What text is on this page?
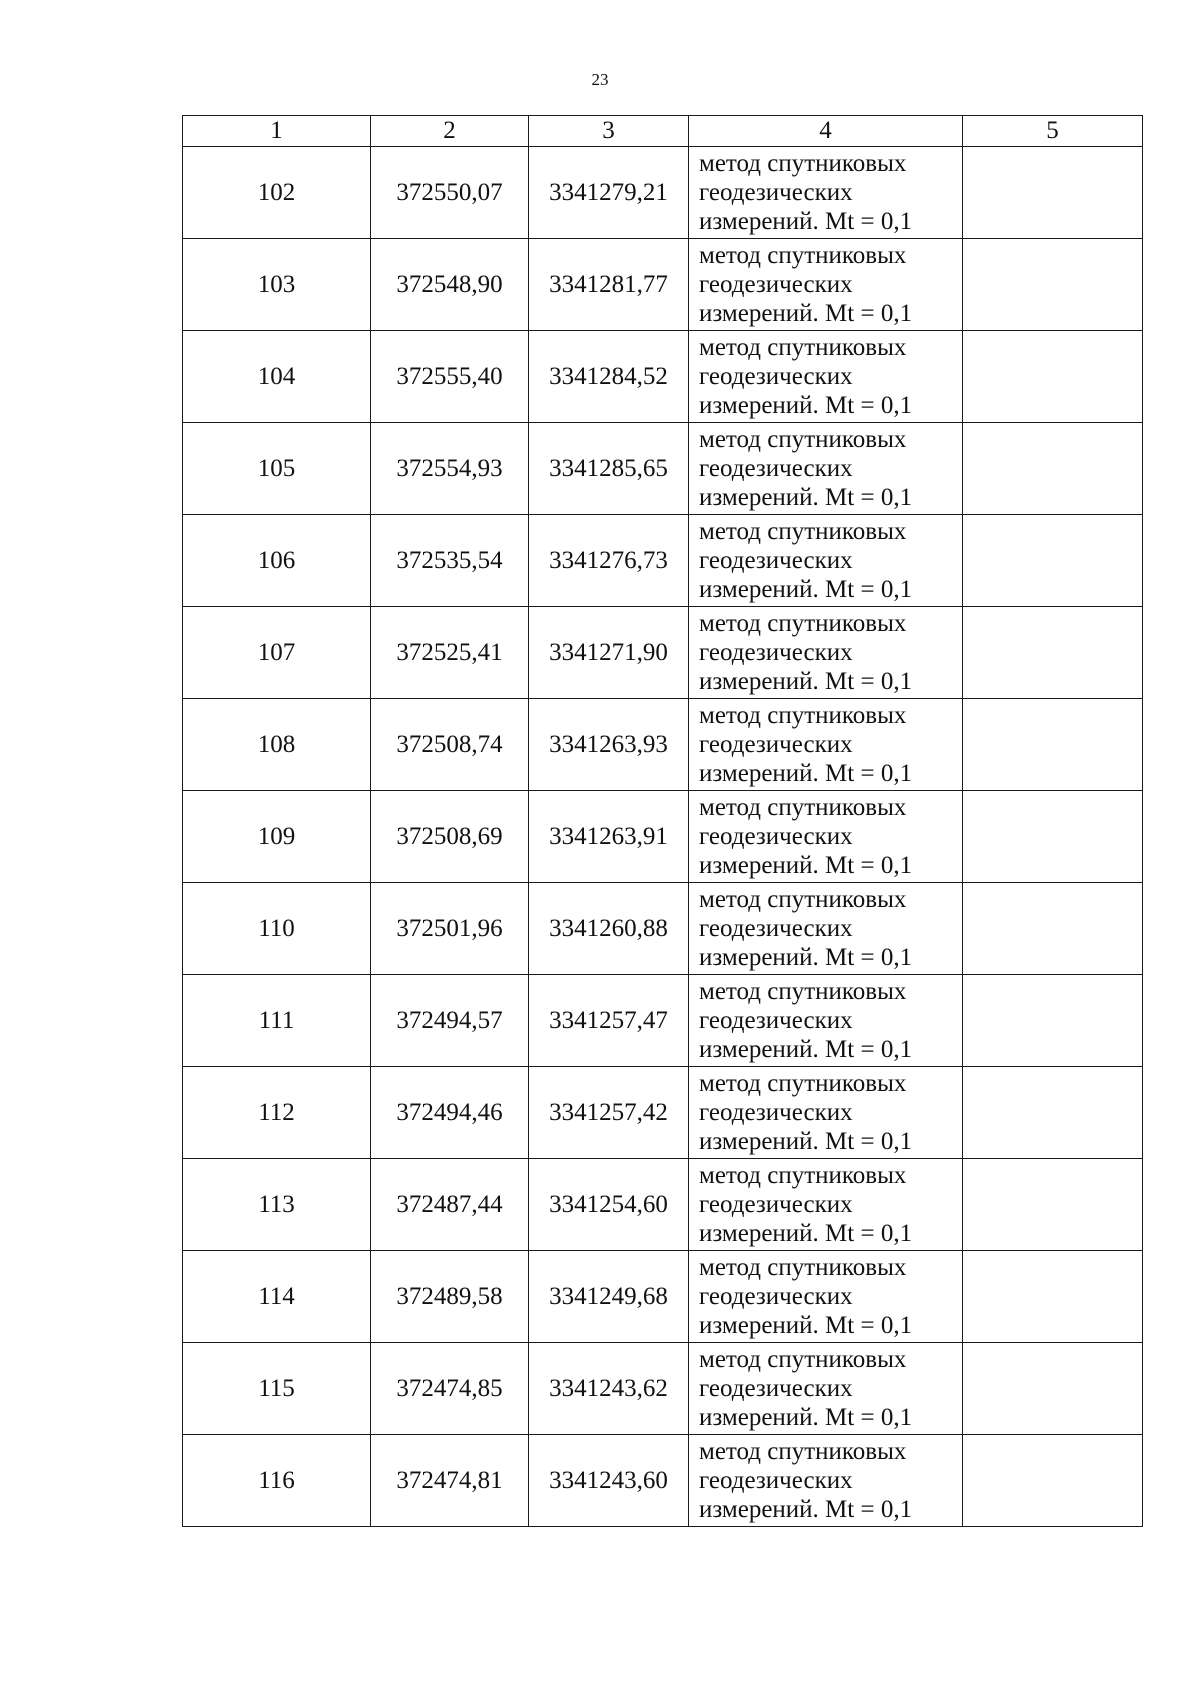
23
1	2	3	4	5
102	372550,07	3341279,21	метод спутниковых
геодезических
измерений. Mt = 0,1	
103	372548,90	3341281,77	метод спутниковых
геодезических
измерений. Mt = 0,1	
104	372555,40	3341284,52	метод спутниковых
геодезических
измерений. Mt = 0,1	
105	372554,93	3341285,65	метод спутниковых
геодезических
измерений. Mt = 0,1	
106	372535,54	3341276,73	метод спутниковых
геодезических
измерений. Mt = 0,1	
107	372525,41	3341271,90	метод спутниковых
геодезических
измерений. Mt = 0,1	
108	372508,74	3341263,93	метод спутниковых
геодезических
измерений. Mt = 0,1	
109	372508,69	3341263,91	метод спутниковых
геодезических
измерений. Mt = 0,1	
110	372501,96	3341260,88	метод спутниковых
геодезических
измерений. Mt = 0,1	
111	372494,57	3341257,47	метод спутниковых
геодезических
измерений. Mt = 0,1	
112	372494,46	3341257,42	метод спутниковых
геодезических
измерений. Mt = 0,1	
113	372487,44	3341254,60	метод спутниковых
геодезических
измерений. Mt = 0,1	
114	372489,58	3341249,68	метод спутниковых
геодезических
измерений. Mt = 0,1	
115	372474,85	3341243,62	метод спутниковых
геодезических
измерений. Mt = 0,1	
116	372474,81	3341243,60	метод спутниковых
геодезических
измерений. Mt = 0,1	
